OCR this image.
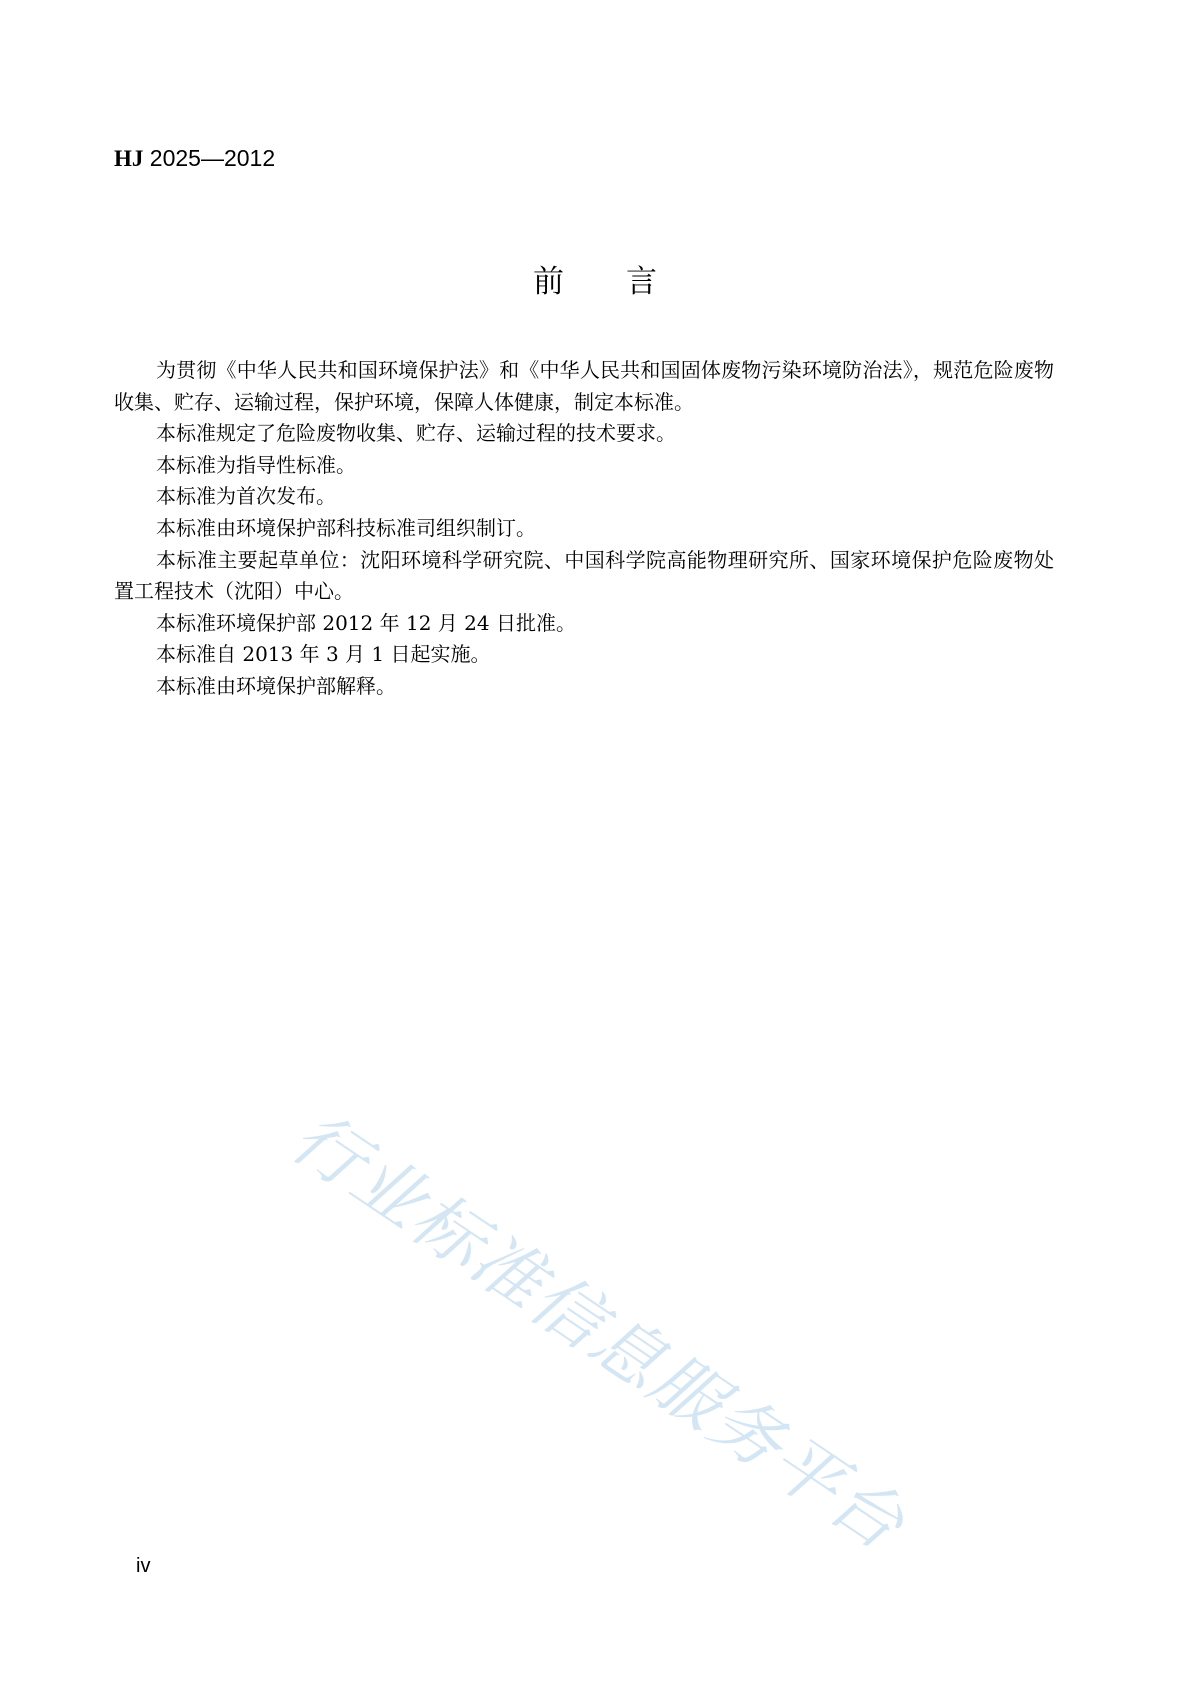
HJ 2025—2012
前言

为贯彻《中华人民共和国环境保护法》和《中华人民共和国固体废物污染环境防治法》，规范危险废物收集、贮存、运输过程，保护环境，保障人体健康，制定本标准。

本标准规定了危险废物收集、贮存、运输过程的技术要求。

本标准为指导性标准。

本标准为首次发布。

本标准由环境保护部科技标准司组织制订。

本标准主要起草单位：沈阳环境科学研究院、中国科学院高能物理研究所、国家环境保护危险废物处置工程技术（沈阳）中心。

本标准环境保护部 2012 年 12 月 24 日批准。

本标准自 2013 年 3 月 1 日起实施。

本标准由环境保护部解释。

行业标准信息服务平台
iv
